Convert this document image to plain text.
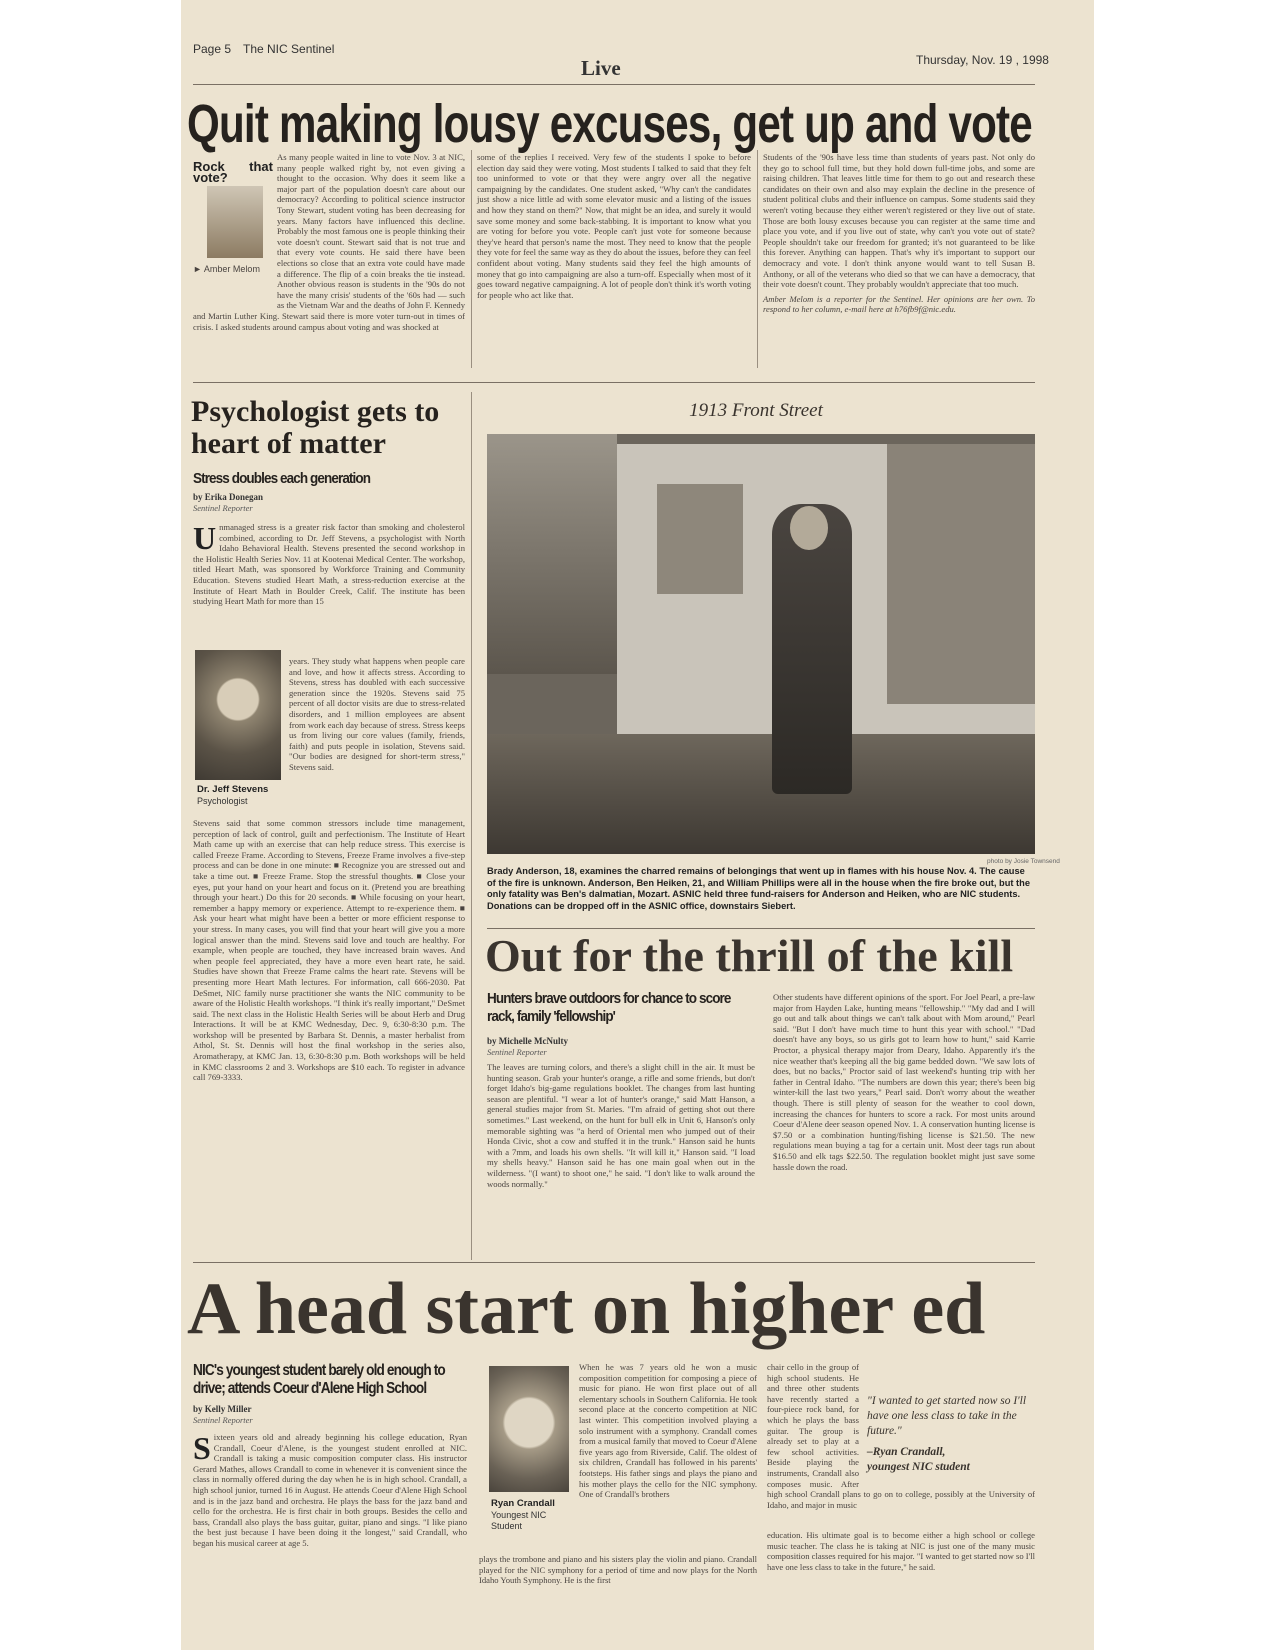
Page 5 The NIC Sentinel
Live	Thursday, Nov. 19 , 1998
Quit making lousy excuses, get up and vote
Rock that vote?
► Amber Melom
As many people waited in line to vote Nov. 3 at NIC, many people walked right by, not even giving a thought to the occasion. Why does it seem like a major part of the population doesn't care about our democracy? According to political science instructor Tony Stewart, student voting has been decreasing for years. Many factors have influenced this decline. Probably the most famous one is people thinking their vote doesn't count. Stewart said that is not true and that every vote counts. He said there have been elections so close that an extra vote could have made a difference. The flip of a coin breaks the tie instead. Another obvious reason is students in the '90s do not have the many crisis' students of the '60s had — such as the Vietnam War and the deaths of John F. Kennedy and Martin Luther King. Stewart said there is more voter turn-out in times of crisis. I asked students around campus about voting and was shocked at
some of the replies I received. Very few of the students I spoke to before election day said they were voting. Most students I talked to said that they felt too uninformed to vote or that they were angry over all the negative campaigning by the candidates. One student asked, "Why can't the candidates just show a nice little ad with some elevator music and a listing of the issues and how they stand on them?" Now, that might be an idea, and surely it would save some money and some back-stabbing. It is important to know what you are voting for before you vote. People can't just vote for someone because they've heard that person's name the most. They need to know that the people they vote for feel the same way as they do about the issues, before they can feel confident about voting. Many students said they feel the high amounts of money that go into campaigning are also a turn-off. Especially when most of it goes toward negative campaigning. A lot of people don't think it's worth voting for people who act like that.
Students of the '90s have less time than students of years past. Not only do they go to school full time, but they hold down full-time jobs, and some are raising children. That leaves little time for them to go out and research these candidates on their own and also may explain the decline in the presence of student political clubs and their influence on campus. Some students said they weren't voting because they either weren't registered or they live out of state. Those are both lousy excuses because you can register at the same time and place you vote, and if you live out of state, why can't you vote out of state? People shouldn't take our freedom for granted; it's not guaranteed to be like this forever. Anything can happen. That's why it's important to support our democracy and vote. I don't think anyone would want to tell Susan B. Anthony, or all of the veterans who died so that we can have a democracy, that their vote doesn't count. They probably wouldn't appreciate that too much.
Amber Melom is a reporter for the Sentinel. Her opinions are her own. To respond to her column, e-mail here at h76fb9f@nic.edu.
Psychologist gets to heart of matter
Stress doubles each generation
by Erika Donegan
Sentinel Reporter
Unmanaged stress is a greater risk factor than smoking and cholesterol combined, according to Dr. Jeff Stevens, a psychologist with North Idaho Behavioral Health. Stevens presented the second workshop in the Holistic Health Series Nov. 11 at Kootenai Medical Center. The workshop, titled Heart Math, was sponsored by Workforce Training and Community Education. Stevens studied Heart Math, a stress-reduction exercise at the Institute of Heart Math in Boulder Creek, Calif. The institute has been studying Heart Math for more than 15
Dr. Jeff Stevens
Psychologist
years. They study what happens when people care and love, and how it affects stress. According to Stevens, stress has doubled with each successive generation since the 1920s. Stevens said 75 percent of all doctor visits are due to stress-related disorders, and 1 million employees are absent from work each day because of stress. Stress keeps us from living our core values (family, friends, faith) and puts people in isolation, Stevens said. "Our bodies are designed for short-term stress," Stevens said.
Stevens said that some common stressors include time management, perception of lack of control, guilt and perfectionism. The Institute of Heart Math came up with an exercise that can help reduce stress. This exercise is called Freeze Frame. According to Stevens, Freeze Frame involves a five-step process and can be done in one minute: ■ Recognize you are stressed out and take a time out. ■ Freeze Frame. Stop the stressful thoughts. ■ Close your eyes, put your hand on your heart and focus on it. (Pretend you are breathing through your heart.) Do this for 20 seconds. ■ While focusing on your heart, remember a happy memory or experience. Attempt to re-experience them. ■ Ask your heart what might have been a better or more efficient response to your stress. In many cases, you will find that your heart will give you a more logical answer than the mind. Stevens said love and touch are healthy. For example, when people are touched, they have increased brain waves. And when people feel appreciated, they have a more even heart rate, he said. Studies have shown that Freeze Frame calms the heart rate. Stevens will be presenting more Heart Math lectures. For information, call 666-2030. Pat DeSmet, NIC family nurse practitioner she wants the NIC community to be aware of the Holistic Health workshops. "I think it's really important," DeSmet said. The next class in the Holistic Health Series will be about Herb and Drug Interactions. It will be at KMC Wednesday, Dec. 9, 6:30-8:30 p.m. The workshop will be presented by Barbara St. Dennis, a master herbalist from Athol, St. St. Dennis will host the final workshop in the series also, Aromatherapy, at KMC Jan. 13, 6:30-8:30 p.m. Both workshops will be held in KMC classrooms 2 and 3. Workshops are $10 each. To register in advance call 769-3333.
1913 Front Street
photo by Josie Townsend
Brady Anderson, 18, examines the charred remains of belongings that went up in flames with his house Nov. 4. The cause of the fire is unknown. Anderson, Ben Heiken, 21, and William Phillips were all in the house when the fire broke out, but the only fatality was Ben's dalmatian, Mozart. ASNIC held three fund-raisers for Anderson and Heiken, who are NIC students. Donations can be dropped off in the ASNIC office, downstairs Siebert.
Out for the thrill of the kill
Hunters brave outdoors for chance to score rack, family 'fellowship'
by Michelle McNulty
Sentinel Reporter
The leaves are turning colors, and there's a slight chill in the air. It must be hunting season. Grab your hunter's orange, a rifle and some friends, but don't forget Idaho's big-game regulations booklet. The changes from last hunting season are plentiful. "I wear a lot of hunter's orange," said Matt Hanson, a general studies major from St. Maries. "I'm afraid of getting shot out there sometimes." Last weekend, on the hunt for bull elk in Unit 6, Hanson's only memorable sighting was "a herd of Oriental men who jumped out of their Honda Civic, shot a cow and stuffed it in the trunk." Hanson said he hunts with a 7mm, and loads his own shells. "It will kill it," Hanson said. "I load my shells heavy." Hanson said he has one main goal when out in the wilderness. "(I want) to shoot one," he said. "I don't like to walk around the woods normally."
Other students have different opinions of the sport. For Joel Pearl, a pre-law major from Hayden Lake, hunting means "fellowship." "My dad and I will go out and talk about things we can't talk about with Mom around," Pearl said. "But I don't have much time to hunt this year with school." "Dad doesn't have any boys, so us girls got to learn how to hunt," said Karrie Proctor, a physical therapy major from Deary, Idaho. Apparently it's the nice weather that's keeping all the big game bedded down. "We saw lots of does, but no backs," Proctor said of last weekend's hunting trip with her father in Central Idaho. "The numbers are down this year; there's been big winter-kill the last two years," Pearl said. Don't worry about the weather though. There is still plenty of season for the weather to cool down, increasing the chances for hunters to score a rack. For most units around Coeur d'Alene deer season opened Nov. 1. A conservation hunting license is $7.50 or a combination hunting/fishing license is $21.50. The new regulations mean buying a tag for a certain unit. Most deer tags run about $16.50 and elk tags $22.50. The regulation booklet might just save some hassle down the road.
A head start on higher ed
NIC's youngest student barely old enough to drive; attends Coeur d'Alene High School
by Kelly Miller
Sentinel Reporter
Sixteen years old and already beginning his college education, Ryan Crandall, Coeur d'Alene, is the youngest student enrolled at NIC. Crandall is taking a music composition computer class. His instructor Gerard Mathes, allows Crandall to come in whenever it is convenient since the class in normally offered during the day when he is in high school. Crandall, a high school junior, turned 16 in August. He attends Coeur d'Alene High School and is in the jazz band and orchestra. He plays the bass for the jazz band and cello for the orchestra. He is first chair in both groups. Besides the cello and bass, Crandall also plays the bass guitar, guitar, piano and sings. "I like piano the best just because I have been doing it the longest," said Crandall, who began his musical career at age 5.
Ryan Crandall
Youngest NIC
Student
When he was 7 years old he won a music composition competition for composing a piece of music for piano. He won first place out of all elementary schools in Southern California. He took second place at the concerto competition at NIC last winter. This competition involved playing a solo instrument with a symphony. Crandall comes from a musical family that moved to Coeur d'Alene five years ago from Riverside, Calif. The oldest of six children, Crandall has followed in his parents' footsteps. His father sings and plays the piano and his mother plays the cello for the NIC symphony. One of Crandall's brothers
plays the trombone and piano and his sisters play the violin and piano. Crandall played for the NIC symphony for a period of time and now plays for the North Idaho Youth Symphony. He is the first
"I wanted to get started now so I'll have one less class to take in the future."
–Ryan Crandall,
youngest NIC student
chair cello in the group of high school students. He and three other students have recently started a four-piece rock band, for which he plays the bass guitar. The group is already set to play at a few school activities. Beside playing the instruments, Crandall also composes music. After high school Crandall plans to go on to college, possibly at the University of Idaho, and major in music
education. His ultimate goal is to become either a high school or college music teacher. The class he is taking at NIC is just one of the many music composition classes required for his major. "I wanted to get started now so I'll have one less class to take in the future," he said.
